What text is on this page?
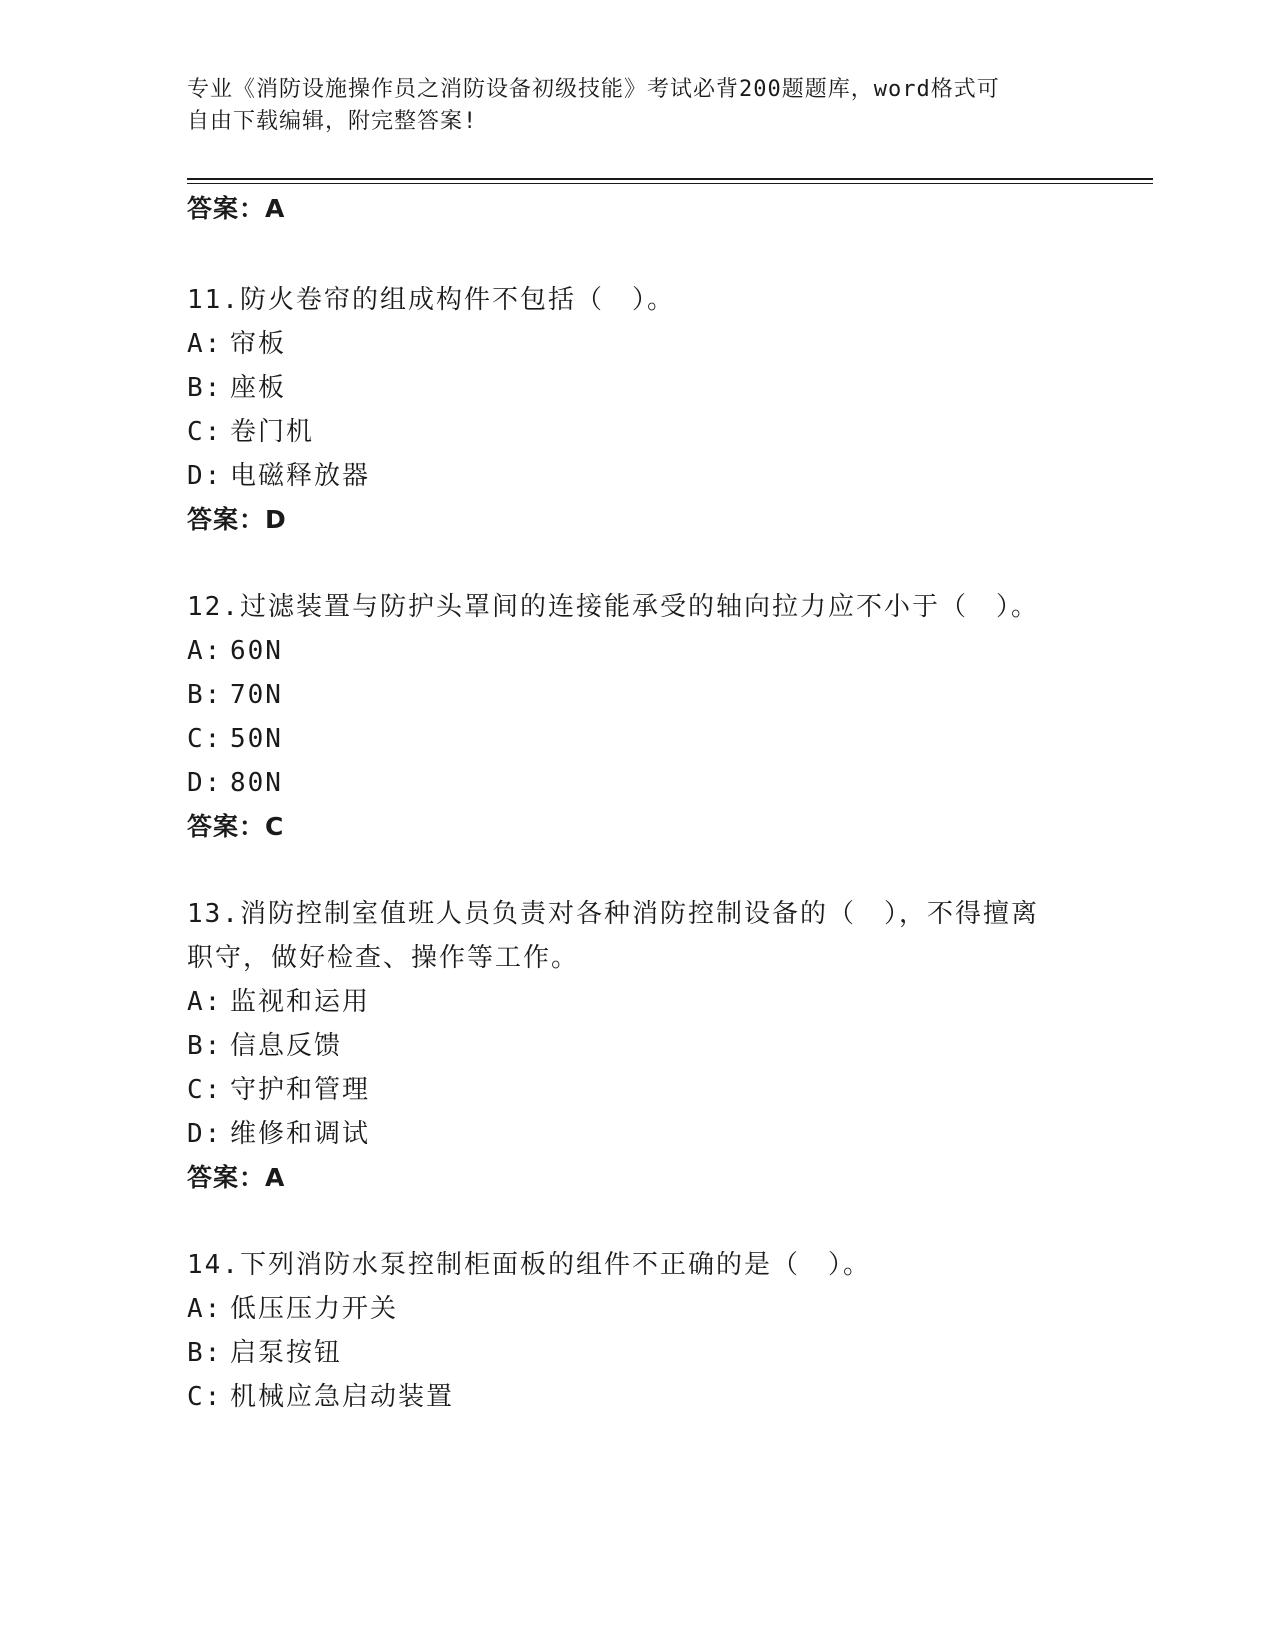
专业《消防设施操作员之消防设备初级技能》考试必背200题题库，word格式可
自由下载编辑，附完整答案!
答案：A
11.防火卷帘的组成构件不包括（　）。
A: 帘板
B: 座板
C: 卷门机
D: 电磁释放器
答案：D
12.过滤装置与防护头罩间的连接能承受的轴向拉力应不小于（　）。
A: 60N
B: 70N
C: 50N
D: 80N
答案：C
13.消防控制室值班人员负责对各种消防控制设备的（　），不得擅离
职守，做好检查、操作等工作。
A: 监视和运用
B: 信息反馈
C: 守护和管理
D: 维修和调试
答案：A
14.下列消防水泵控制柜面板的组件不正确的是（　）。
A: 低压压力开关
B: 启泵按钮
C: 机械应急启动装置
